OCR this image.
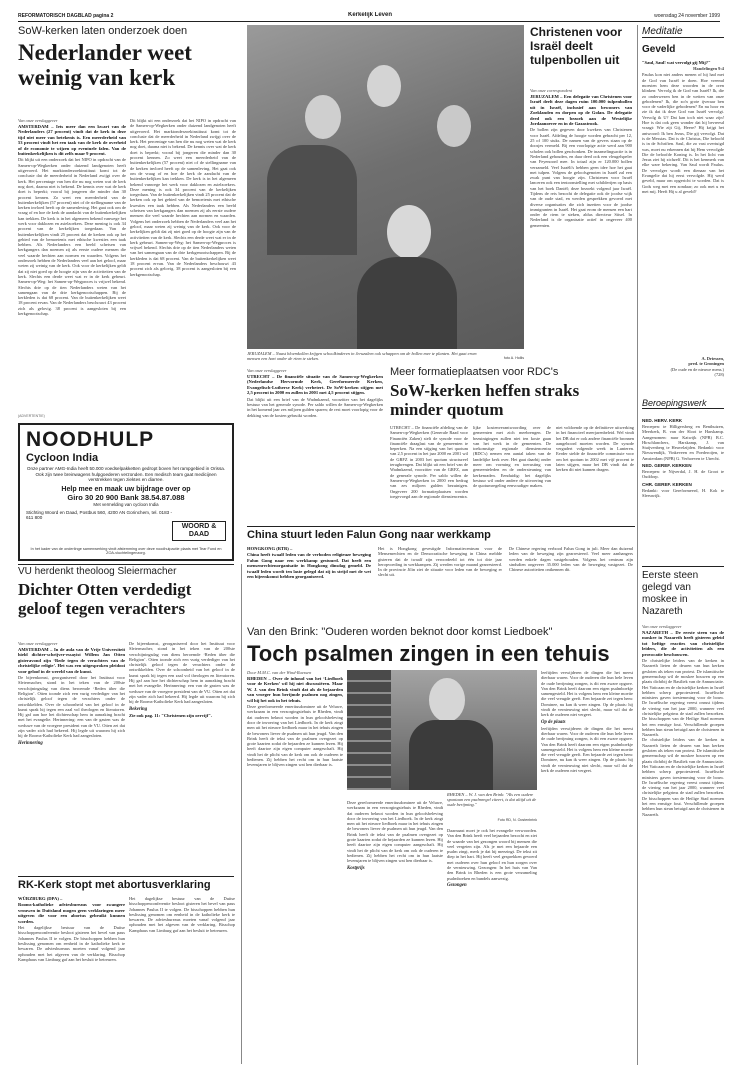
REFORMATORISCH DAGBLAD pagina 2	Kerkelijk Leven	woensdag 24 november 1999
SoW-kerken laten onderzoek doen
Nederlander weet weinig van kerk

Van onze verslaggever

AMSTERDAM – Iets meer dan een kwart van de Nederlanders (27 procent) vindt dat de kerk in deze tijd niet meer van betekenis is. Een meerderheid van 53 procent vindt het een taak van de kerk de overheid of de economie te wijzen op eventuele falen. Van de buitenkerkelijken is dit zelfs maar 9 procent.

Dit blijkt uit een onderzoek dat het NIPO in opdracht van de Samen-op-Wegkerken onder duizend landgenoten heeft uitgevoerd. Het marktonderzoekinstituut komt tot de conclusie dat de meerderheid in Nederland zwijgt over de kerk. Het percentage van hen die nu nog weten wat de kerk nog doet, daarna niet is bekend. De kennis over wat de kerk doet is beperkt; vooral bij jongeren die minder dan 30 procent kennen. Zo weet een meerderheid van de buitenkerkelijken (57 procent) niet of de stellingname van de kerken invloed heeft op de samenleving. Het gaat ook om de vraag of en hoe de kerk de aandacht van de buitenkerkelijken kan trekken. De kerk is in het algemeen bekend vanwege het werk voor daklozen en asielzoekers. Deze mening is ook 34 procent van de kerkelijken toegedaan. Van de buitenkerkelijken vindt 25 procent dat de kerken ook op het gebied van de bemoeienis met ethische kwesties een taak hebben. Als Nederlanders een beeld schetsen van kerkgangers dan noemen zij als eerste oudere mensen die veel waarde hechten aan normen en waarden. Volgens het onderzoek hebben de Nederlanders veel aan het geloof, maar weten zij weinig van de kerk. Ook voor de kerkelijken geldt dat zij niet goed op de hoogte zijn van de activiteiten van de kerk. Slechts een derde weet wat er in de kerk gebeurt. Samen-op-Weg: het Samen-op-Wegproces is vrijwel bekend. Slechts drie op de tien Nederlanders weten van het samengaan van de drie kerkgenootschappen. Bij de kerkleden is dat 68 procent. Van de buitenkerkelijken weet 18 procent ervan. Van de Nederlanders beschouwt 43 procent zich als gelovig. 38 procent is aangesloten bij een kerkgenootschap.

Dit blijkt uit een onderzoek dat het NIPO in opdracht van de Samen-op-Wegkerken onder duizend landgenoten heeft uitgevoerd. Het marktonderzoekinstituut komt tot de conclusie dat de meerderheid in Nederland zwijgt over de kerk. Het percentage van hen die nu nog weten wat de kerk nog doet, daarna niet is bekend. De kennis over wat de kerk doet is beperkt; vooral bij jongeren die minder dan 30 procent kennen. Zo weet een meerderheid van de buitenkerkelijken (57 procent) niet of de stellingname van de kerken invloed heeft op de samenleving. Het gaat ook om de vraag of en hoe de kerk de aandacht van de buitenkerkelijken kan trekken. De kerk is in het algemeen bekend vanwege het werk voor daklozen en asielzoekers. Deze mening is ook 34 procent van de kerkelijken toegedaan. Van de buitenkerkelijken vindt 25 procent dat de kerken ook op het gebied van de bemoeienis met ethische kwesties een taak hebben. Als Nederlanders een beeld schetsen van kerkgangers dan noemen zij als eerste oudere mensen die veel waarde hechten aan normen en waarden. Volgens het onderzoek hebben de Nederlanders veel aan het geloof, maar weten zij weinig van de kerk. Ook voor de kerkelijken geldt dat zij niet goed op de hoogte zijn van de activiteiten van de kerk. Slechts een derde weet wat er in de kerk gebeurt. Samen-op-Weg: het Samen-op-Wegproces is vrijwel bekend. Slechts drie op de tien Nederlanders weten van het samengaan van de drie kerkgenootschappen. Bij de kerkleden is dat 68 procent. Van de buitenkerkelijken weet 18 procent ervan. Van de Nederlanders beschouwt 43 procent zich als gelovig. 38 procent is aangesloten bij een kerkgenootschap.

(ADVERTENTIE)
JERUZALEM – Naast bloemkollen krijgen schoolkinderen in Jeruzalem ook schappen om de bollen mee te planten. Het gaat erom mensen een hart onder de riem te steken.	foto A. Hollis
Christenen voor Israël deelt tulpenbollen uit

Van onze correspondent

JERUZALEM – Een delegatie van Christenen voor Israël deelt deze dagen ruim 100.000 tulpenbollen uit in Israël, inclusief aan bewoners van Zoeklanden en dorpen op de Golan. De delegatie deed ook een bezoek aan de Westelijke Jordaanoever en in de Gazastrook.

De bollen zijn gegeven door kwekers van Christenen voor Israël. Afdeling de hoogte worden gebracht per 12, 25 of 100 stuks. De namen van de gevers staan op de doosjes vermeld. Bij een voorlopige actie werd aan 900 scholen ook bollen geschonken. De inzamelingsactie is in Nederland gehouden, en daar deed ook een vleugelspeler van Feyenoord mee. In totaal zijn er 120.000 bollen verzameld. Veel Israëli's hebben geen idee hoe het gaat met tulpen. Volgens de geloofsgenoten in Israël zal een zwak punt van hoogte zijn. Christenen voor Israël lanceren ook een tentoonstelling met schilderijen op basis van het boek Daniël; deze bezoekt volgend jaar Israël. Tijdens de reis bezocht de delegatie ook de joodse wijk van de oude stad, en werden gesprekken gevoerd met diverse organisaties die zich inzetten voor de joodse immigranten in Israël. Het gaat erom de mensen een hart onder de riem te steken, aldus directeur Sitsel. In Nederland is de organisatie actief in ongeveer 400 gemeenten.

Meditatie
Geveld

"Saul, Saul! wat vervolgt gij Mij?"

Handelingen 9:4

Paulus kon niet anders menen of hij had met de God van Israël te doen. Hoe vreemd moesten hem deze woorden in de oren klinken: Vervolg ik de God van Israël? Ik, die zo onderwezen ben in de wetten van onze gebodenen? Ik, die zo'n grote ijveraar ben voor de vaderlijke gebodenen? En nu hoor en zie ik dat ik deze God van Israël vervolgt. Vervolg ik U? Dat kan toch niet waar zijn! Hoe is dat ook geen wonder dat hij bevreesd vraagt: Wie zijt Gij, Heere? Hij krijgt het antwoord: Ik ben Jezus, Die gij vervolgt. Dat is de Messias. Dat is de Christus, Die beloofd is in de Schriften. Saul, die zo vast overtuigd was, moet nu erkennen dat hij Hem vervolgde Die de beloofde Koning is. In het licht van Jezus ziet hij zichzelf. Dit is het kenmerk van elke ware bekering. Van Saul wordt Paulus. De vervolger wordt een dienaar van het Evangelie dat hij eerst vervolgde. Hij werd geveld, maar om opgericht te worden. Dat is Gods weg met een zondaar; zo ook met u en met mij. Heeft Hij u al geveld?

A. Driessen,
pred. te Groningen
(De oude en de nieuwe mens.)
(728)
Beroepingswerk

NED. HERV. KERK

Beroepen: te Hilligersberg en Benthuizen, Meerkerk, B. van der Sloot te Harskamp. Aangenomen: naar Katwijk (NPB) B.C. Hirschlanchers, Harskamp, J. van Stuijvenberg te Heuvelzijden. Bedankt: voor Nieuwendijk, Vinkeveen en Poederoijen, te Amsterdam (NPB) G. Verhoeven te Utrecht.

NED. GEREF. KERKEN

Beroepen: te Nijverdal, J. H. de Groot te Ouddorp.

CHR. GEREF. KERKEN

Bedankt: voor Gereformeerd, H. Kok te Sleeuwijk.

NOODHULP
Cycloon India
Onze partner AMG-India heeft 50.000 voedselpakketten gedropt boven het rampgebied in Orissa. Ook zijn twee breinwagens hulpgoederen verzonden. Een medisch team gaat medicijnen verstrekken tegen ziektes en diarree.
Help mee en maak uw bijdrage over op
Giro 30 20 900 Bank 38.54.87.088
Met vermelding van cycloon India
Stichting Woord en Daad, Postbus 560, 4200 AN Gorinchem, tel. 0183 - 611 800
WOORD & DAAD
In het kader van de onderlinge samenwerking vindt afstemming over deze noodhulpactie plaats met Tear Fund en ZOA-vluchtelingenzorg.

Van onze verslaggever

UTRECHT – De financiële situatie van de Samen-op-Wegkerken (Nederlandse Hervormde Kerk, Gereformeerde Kerken, Evangelisch-Lutherse Kerk) verbetert. De SoW-kerken stijgen met 2,5 procent in 2000 en zullen in 2001 met 4,5 procent stijgen.

Dat blijkt uit een brief van de Wadmkaend, voorzitter van het dagelijks bestuur van het generale synode. Per saldo willen de Samen-op-Wegkerken in het komend jaar zes miljoen gulden sparen; de rest moet voorlopig voor de dekking van de kosten gebruikt worden.

Meer formatieplaatsen voor RDC's
SoW-kerken heffen straks minder quotum

UTRECHT – De financiële afdeling van de Samen-op-Wegkerken (Generale Raad voor Financiën Zaken) stelt de synode voor de financiële draaglast van de gemeenten te beperken. Na een stijging van het quotum van 2,5 procent in het jaar 2000 en 2001 wil de GRFZ in 2003 het quotum structureel terugbrengen. Dat blijkt uit een brief van de Wadmkaend, voorzitter van de GRFZ, aan de generale synode. Per saldo willen de Samen-op-Wegkerken in 2000 een bedrag van zes miljoen gulden bezuinigen. Ongeveer 200 formatieplaatsen worden toegevoegd aan de regionale dienstencentra.

lijke kostenverantwoording over de gemeenten met zich meebrengen. De bezuinigingen zullen niet ten koste gaan van het werk in de gemeenten. De toekomstige regionale dienstencentra (RDC's) nemen een aantal taken van de landelijke kerk over. Het gaat daarbij onder meer om vorming en toerusting van gemeenteleden en de ondersteuning van kerkenraden. Eenduidig: het dagelijks bestuur wil onder andere de uitvoering van de quotumregeling eenvoudiger maken.

niet voldoende op de definitieve uitwerking in het financieel meerjarenbeleid. Wel vindt het DB dat er ook andere financiële bronnen aangeboord moeten worden. De synode vergadert volgende week in Lunteren. Eerder stelde de financiële commissie voor om het quotum in 2002 met vijf procent te laten stijgen, maar het DB vindt dat de kerken dit niet kunnen dragen.

China stuurt leden Falun Gong naar werkkamp

HONGKONG (RTR) –

China heeft twaalf leden van de verboden religieuze beweging Falun Gong naar een werkkamp gestuurd. Dat heeft een mensenrechtenorganisatie in Hongkong dinsdag gemeld. De twaalf leden wordt ten laste gelegd dat zij in strijd met de wet een bijeenkomst hebben georganiseerd.

Het is Hongkong gevestigde Informatiecentrum voor de Mensenrechten en de Democratische beweging in China meldde gisteren dat de twaalf zijn veroordeeld tot één tot drie jaar heropvoeding in werkkampen. Zij werden vorige maand gearresteerd. In de provincie Jilin ziet de situatie voor leden van de beweging er slecht uit.

De Chinese regering verbood Falun Gong in juli. Meer dan duizend leden van de beweging zijn gearresteerd. Veel meer aanhangers werden enkele dagen vastgehouden. Volgens het centrum zijn sindsdien ongeveer 35.000 leden van de beweging vastgezet. De Chinese autoriteiten ontkennen dit.

VU herdenkt theoloog Sleiermacher
Dichter Otten verdedigt geloof tegen verachters

Van onze verslaggever

AMSTERDAM – In de aula van de Vrije Universiteit hield dichter-schrijver-essayist Willem Jan Otten gisteravond zijn ‘Rede tegen de verachters van de christelijke religie’. Het was een uitgesproken pleidooi voor geloof in de wereld van de kunst.

De bijeenkomst, georganiseerd door het Instituut voor Sleiermacher, stond in het teken van de 200ste verschijningsdag van diens beroemde ‘Reden über die Religion’. Otten toonde zich een vurig verdediger van het christelijk geloof tegen de verachters onder de ontwikkelden. Over de schoonheid van het geloof in de kunst sprak hij tegen een zaal vol theologen en literatoren. Hij gaf aan hoe het dichterschap hem in aanraking bracht met het evangelie. Herinnering: een van de gasten was de weduwe van de vroegere president van de VU. Otten zei dat zijn vader zich had bekeerd. Hij legde uit waarom hij zich bij de Rooms-Katholieke Kerk had aangesloten.

Herinnering

De bijeenkomst, georganiseerd door het Instituut voor Sleiermacher, stond in het teken van de 200ste verschijningsdag van diens beroemde ‘Reden über die Religion’. Otten toonde zich een vurig verdediger van het christelijk geloof tegen de verachters onder de ontwikkelden. Over de schoonheid van het geloof in de kunst sprak hij tegen een zaal vol theologen en literatoren. Hij gaf aan hoe het dichterschap hem in aanraking bracht met het evangelie. Herinnering: een van de gasten was de weduwe van de vroegere president van de VU. Otten zei dat zijn vader zich had bekeerd. Hij legde uit waarom hij zich bij de Rooms-Katholieke Kerk had aangesloten.

Bekering

Zie ook pag. 11: "Christenen zijn oervijf".

RK-Kerk stopt met abortusverklaring

WÜRZBURG (DPA) –

Rooms-katholieke adviesbureaus voor zwangere vrouwen in Duitsland mogen geen verklaringen meer uitgeven die voor een abortus gebruikt kunnen worden.

Het dagelijkse bestuur van de Duitse bisschoppenconferentie besloot gisteren het bevel van paus Johannes Paulus II te volgen. De bisschoppen hebben hun beslissing genomen om eenheid in de katholieke kerk te bewaren. De adviesbureaus moeten vanaf volgend jaar ophouden met het afgeven van de verklaring. Bisschop Kamphaus van Limburg gaf aan het besluit te betreuren.

Het dagelijkse bestuur van de Duitse bisschoppenconferentie besloot gisteren het bevel van paus Johannes Paulus II te volgen. De bisschoppen hebben hun beslissing genomen om eenheid in de katholieke kerk te bewaren. De adviesbureaus moeten vanaf volgend jaar ophouden met het afgeven van de verklaring. Bisschop Kamphaus van Limburg gaf aan het besluit te betreuren.

Van den Brink: "Ouderen worden beknot door komst Liedboek"
Toch psalmen zingen in een tehuis

Door M.M.C. van der Wind-Ruessen

RHEDEN – Over de inhoud van het ‘Liedboek voor de Kerken’ wil hij niet discussiëren. Maar W. J. van den Brink vindt dat als de bejaarden van vroeger hun berijmde psalmen nog zingen, wil hij het ook in het tehuis.

Deze gereformeerde emeritusdominee uit de Veluwe, werkzaam in een verzorgingstehuis te Rheden, vindt dat ouderen beknot worden in hun geloofsbeleving door de invoering van het Liedboek. In de kerk zingt men uit het nieuwe liedboek maar in het tehuis zingen de bewoners liever de psalmen uit hun jeugd. Van den Brink heeft de tekst van de psalmen overgezet op grote kaarten zodat de bejaarden ze kunnen lezen. Hij heeft daartoe zijn eigen computer aangeschaft. Hij vindt het de plicht van de kerk om ook de ouderen te bedienen. Zij hebben het recht om in hun laatste levensjaren te blijven zingen wat hen dierbaar is.

Deze gereformeerde emeritusdominee uit de Veluwe, werkzaam in een verzorgingstehuis te Rheden, vindt dat ouderen beknot worden in hun geloofsbeleving door de invoering van het Liedboek. In de kerk zingt men uit het nieuwe liedboek maar in het tehuis zingen de bewoners liever de psalmen uit hun jeugd. Van den Brink heeft de tekst van de psalmen overgezet op grote kaarten zodat de bejaarden ze kunnen lezen. Hij heeft daartoe zijn eigen computer aangeschaft. Hij vindt het de plicht van de kerk om ook de ouderen te bedienen. Zij hebben het recht om in hun laatste levensjaren te blijven zingen wat hen dierbaar is.

Kostprijs

RHEDEN – W. J. van den Brink: "Als een oudere spontaan een psalmregel citeert, is dat altijd uit de oude berijming."
Foto RD, N. Oostenbrink

Daarnaast moet je ook het evangelie verwoorden. Van den Brink heeft veel bejaarden bezocht en ziet de waarde van het gezongen woord bij mensen die veel vergeten zijn. Als je met een bejaarde een psalm zingt, merk je dat hij meezingt. De tekst zit diep in het hart. Hij heeft veel gesprekken gevoerd met ouderen over hun geloof en hun zorgen over de vernieuwing. Gezongen: In het huis van Van den Brink in Rheden is een grote verzameling psalmboeken en bundels aanwezig.

Gezongen

leeftijden verwijderen de dingen die het meest dierbaar waren. Voor de ouderen die hun hele leven de oude berijming zongen, is dit een zware opgave. Van den Brink heeft daarom een eigen psalmboekje samengesteld. Het is volgens hem een kleine moeite die veel vreugde geeft. Een bejaarde zei tegen hem: Dominee, nu kan ik weer zingen. Op de plaats: hij vindt de vernieuwing niet slecht, maar wil dat de kerk de ouderen niet vergeet.

Op de plaats

leeftijden verwijderen de dingen die het meest dierbaar waren. Voor de ouderen die hun hele leven de oude berijming zongen, is dit een zware opgave. Van den Brink heeft daarom een eigen psalmboekje samengesteld. Het is volgens hem een kleine moeite die veel vreugde geeft. Een bejaarde zei tegen hem: Dominee, nu kan ik weer zingen. Op de plaats: hij vindt de vernieuwing niet slecht, maar wil dat de kerk de ouderen niet vergeet.

Eerste steen gelegd van moskee in Nazareth

Van onze verslaggever

NAZARETH – De eerste steen van de moskee in Nazareth heeft gisteren geleid tot heftige reacties van christelijke leiders, die de activiteiten als een provocatie beschouwen.

De christelijke leiders van de kerken in Nazareth lieten de deuren van hun kerken gesloten als teken van protest. De islamitische gemeenschap wil de moskee bouwen op een plaats dichtbij de Basiliek van de Annunciatie. Het Vaticaan en de christelijke kerken in Israël hebben scherp geprotesteerd. Israëlische ministers gaven toestemming voor de bouw. De Israëlische regering vreest onrust tijdens de viering van het jaar 2000, wanneer veel christelijke pelgrims de stad zullen bezoeken. De bisschoppen van de Heilige Stad noemen het een ernstige fout. Verschillende groepen hebben hun steun betuigd aan de christenen in Nazareth.

De christelijke leiders van de kerken in Nazareth lieten de deuren van hun kerken gesloten als teken van protest. De islamitische gemeenschap wil de moskee bouwen op een plaats dichtbij de Basiliek van de Annunciatie. Het Vaticaan en de christelijke kerken in Israël hebben scherp geprotesteerd. Israëlische ministers gaven toestemming voor de bouw. De Israëlische regering vreest onrust tijdens de viering van het jaar 2000, wanneer veel christelijke pelgrims de stad zullen bezoeken. De bisschoppen van de Heilige Stad noemen het een ernstige fout. Verschillende groepen hebben hun steun betuigd aan de christenen in Nazareth.
